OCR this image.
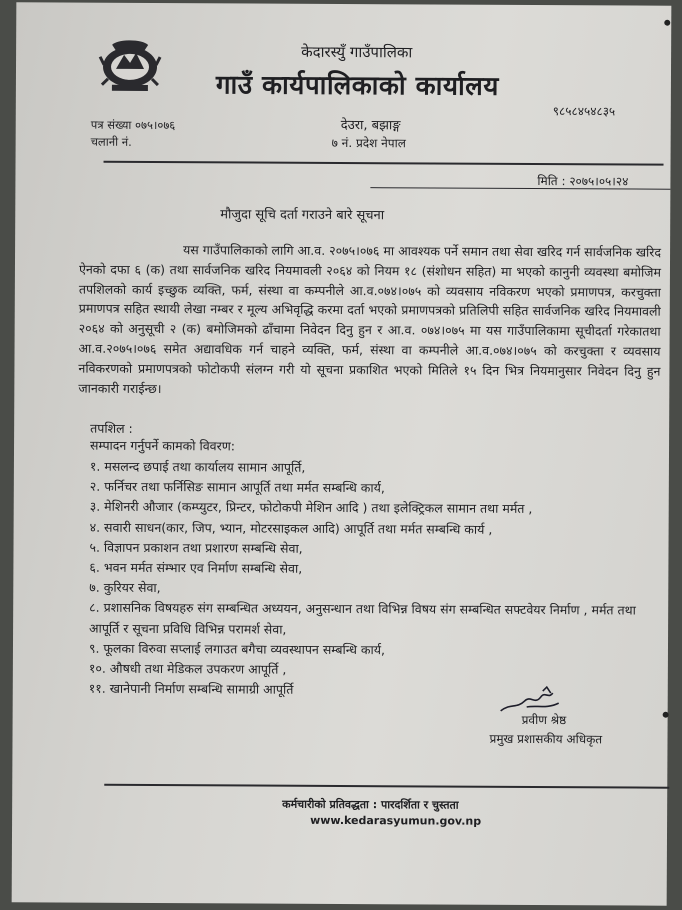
केदारस्युँ गाउँपालिका
गाउँ कार्यपालिकाको कार्यालय
९८५८४५४८३५
पत्र संख्या ०७५।०७६
चलानी नं.
देउरा, बझाङ्ग
७ नं. प्रदेश नेपाल
मिति : २०७५।०५।२४
मौजुदा सूचि दर्ता गराउने बारे सूचना
यस गाउँपालिकाको लागि आ.व. २०७५।०७६ मा आवश्यक पर्ने समान तथा सेवा खरिद गर्न सार्वजनिक खरिद ऐनको दफा ६ (क) तथा सार्वजनिक खरिद नियमावली २०६४ को नियम १८ (संशोधन सहित) मा भएको कानुनी व्यवस्था बमोजिम तपशिलको कार्य इच्छुक व्यक्ति, फर्म, संस्था वा कम्पनीले आ.व.०७४।०७५ को व्यवसाय नविकरण भएको प्रमाणपत्र, करचुक्ता प्रमाणपत्र सहित स्थायी लेखा नम्बर र मूल्य अभिवृद्धि करमा दर्ता भएको प्रमाणपत्रको प्रतिलिपी सहित सार्वजनिक खरिद नियमावली २०६४ को अनुसूची २ (क) बमोजिमको ढाँचामा निवेदन दिनु हुन र आ.व. ०७४।०७५ मा यस गाउँपालिकामा सूचीदर्ता गरेकातथा आ.व.२०७५।०७६ समेत अद्यावधिक गर्न चाहने व्यक्ति, फर्म, संस्था वा कम्पनीले आ.व.०७४।०७५ को करचुक्ता र व्यवसाय नविकरणको प्रमाणपत्रको फोटोकपी संलग्न गरी यो सूचना प्रकाशित भएको मितिले १५ दिन भित्र नियमानुसार निवेदन दिनु हुन जानकारी गराईन्छ।
तपशिल :
सम्पादन गर्नुपर्ने कामको विवरण:
१. मसलन्द छपाई तथा कार्यालय सामान आपूर्ति,
२. फर्निचर तथा फर्निसिङ सामान आपूर्ति तथा मर्मत सम्बन्धि कार्य,
३. मेशिनरी औजार (कम्प्युटर, प्रिन्टर, फोटोकपी मेशिन आदि ) तथा इलेक्ट्रिकल सामान तथा मर्मत ,
४. सवारी साधन(कार, जिप, भ्यान, मोटरसाइकल आदि) आपूर्ति तथा मर्मत सम्बन्धि कार्य ,
५. विज्ञापन प्रकाशन तथा प्रशारण सम्बन्धि सेवा,
६. भवन मर्मत संम्भार एव निर्माण सम्बन्धि सेवा,
७. कुरियर सेवा,
८. प्रशासनिक विषयहरु संग सम्बन्धित अध्ययन, अनुसन्धान तथा विभिन्न विषय संग सम्बन्धित सफ्टवेयर निर्माण , मर्मत तथा आपूर्ति र सूचना प्रविधि विभिन्न परामर्श सेवा,
९. फूलका विरुवा सप्लाई लगाउत बगैचा व्यवस्थापन सम्बन्धि कार्य,
१०. औषधी तथा मेडिकल उपकरण आपूर्ति ,
११. खानेपानी निर्माण सम्बन्धि सामाग्री आपूर्ति
प्रवीण श्रेष्ठ
प्रमुख प्रशासकीय अधिकृत
कर्मचारीको प्रतिवद्धता : पारदर्शिता र चुस्तता
www.kedarasyumun.gov.np
